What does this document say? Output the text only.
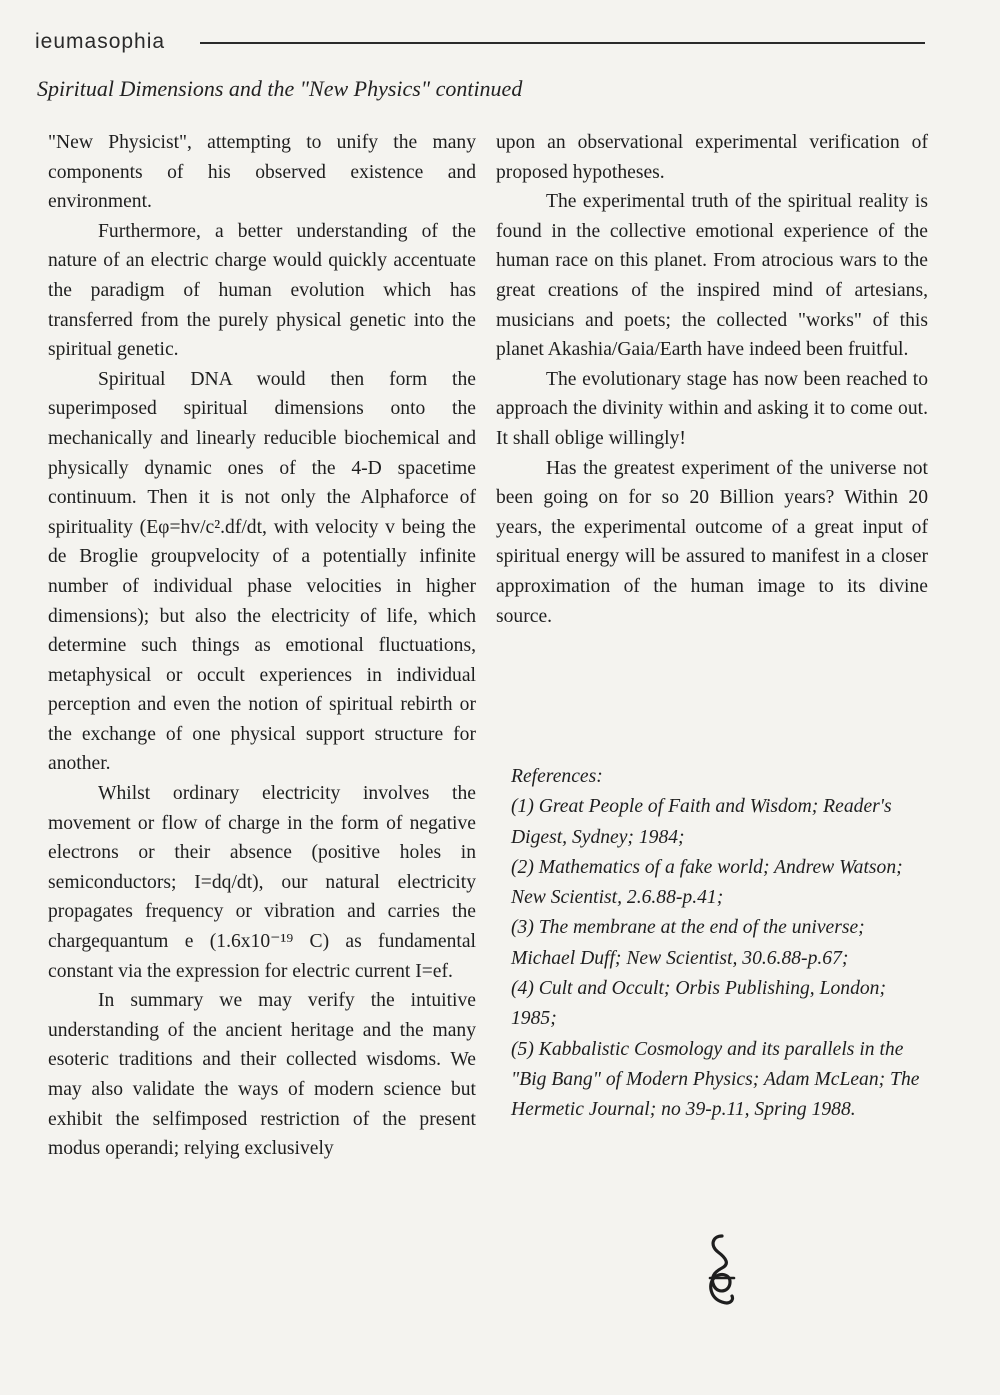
ieumasophia
Spiritual Dimensions and the "New Physics" continued

"New Physicist", attempting to unify the many components of his observed existence and environment.

Furthermore, a better understanding of the nature of an electric charge would quickly accentuate the paradigm of human evolution which has transferred from the purely physical genetic into the spiritual genetic.

Spiritual DNA would then form the superimposed spiritual dimensions onto the mechanically and linearly reducible biochemical and physically dynamic ones of the 4-D spacetime continuum. Then it is not only the Alphaforce of spirituality (Eφ=hv/c².df/dt, with velocity v being the de Broglie groupvelocity of a potentially infinite number of individual phase velocities in higher dimensions); but also the electricity of life, which determine such things as emotional fluctuations, metaphysical or occult experiences in individual perception and even the notion of spiritual rebirth or the exchange of one physical support structure for another.

Whilst ordinary electricity involves the movement or flow of charge in the form of negative electrons or their absence (positive holes in semiconductors; I=dq/dt), our natural electricity propagates frequency or vibration and carries the chargequantum e (1.6x10⁻¹⁹ C) as fundamental constant via the expression for electric current I=ef.

In summary we may verify the intuitive understanding of the ancient heritage and the many esoteric traditions and their collected wisdoms. We may also validate the ways of modern science but exhibit the selfimposed restriction of the present modus operandi; relying exclusively

upon an observational experimental verification of proposed hypotheses.

The experimental truth of the spiritual reality is found in the collective emotional experience of the human race on this planet. From atrocious wars to the great creations of the inspired mind of artesians, musicians and poets; the collected "works" of this planet Akashia/Gaia/Earth have indeed been fruitful.

The evolutionary stage has now been reached to approach the divinity within and asking it to come out. It shall oblige willingly!

Has the greatest experiment of the universe not been going on for so 20 Billion years? Within 20 years, the experimental outcome of a great input of spiritual energy will be assured to manifest in a closer approximation of the human image to its divine source.

References:

(1) Great People of Faith and Wisdom; Reader's Digest, Sydney; 1984;
(2) Mathematics of a fake world; Andrew Watson; New Scientist, 2.6.88-p.41;
(3) The membrane at the end of the universe; Michael Duff; New Scientist, 30.6.88-p.67;
(4) Cult and Occult; Orbis Publishing, London; 1985;
(5) Kabbalistic Cosmology and its parallels in the "Big Bang" of Modern Physics; Adam McLean; The Hermetic Journal; no 39-p.11, Spring 1988.
